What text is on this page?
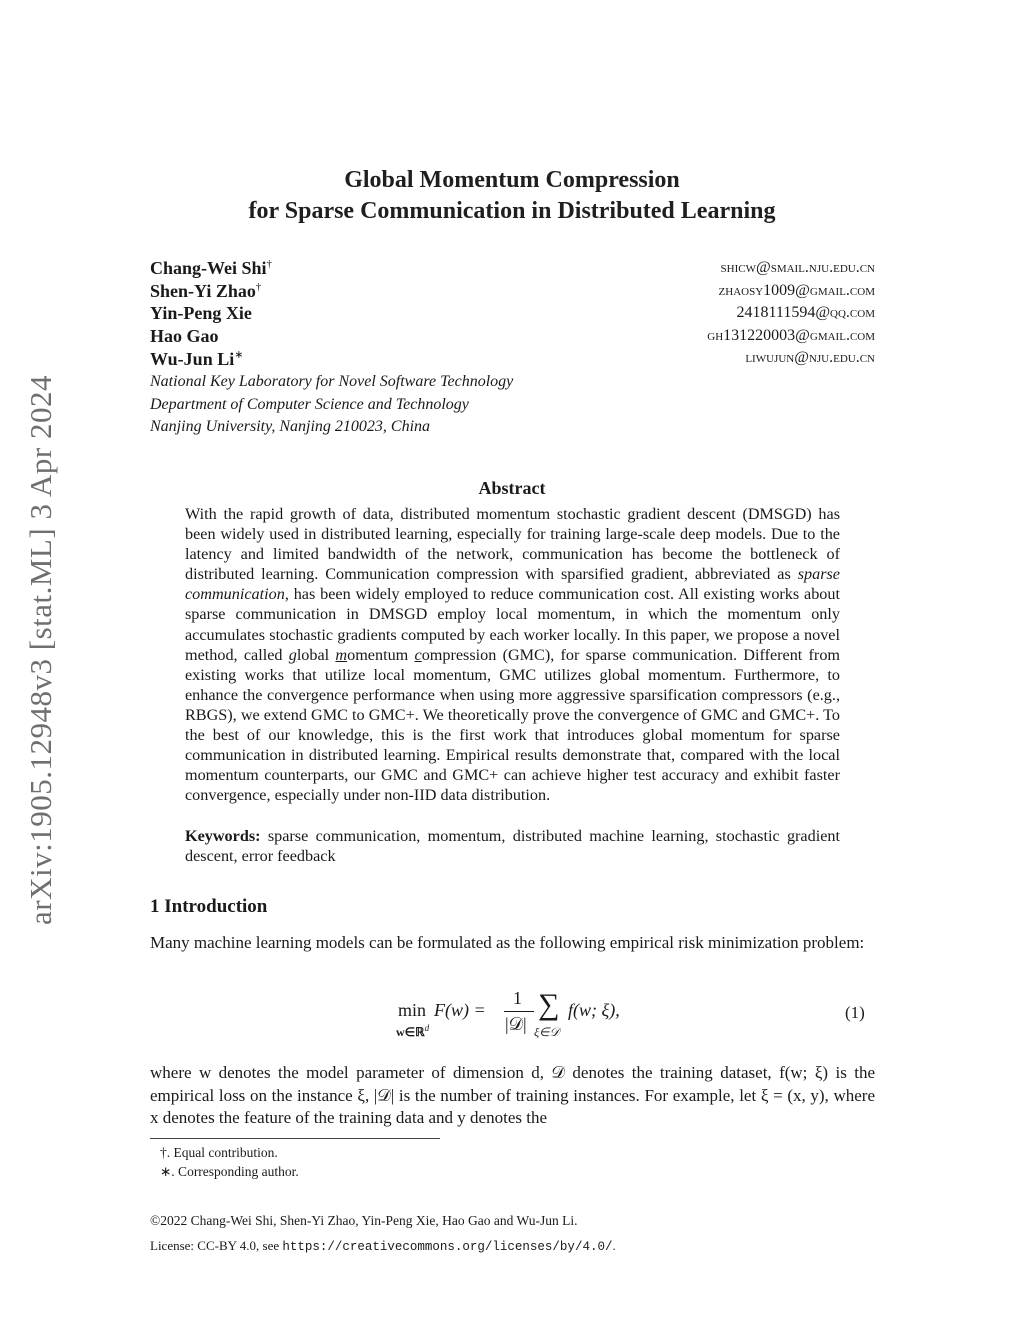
arXiv:1905.12948v3 [stat.ML] 3 Apr 2024
Global Momentum Compression
for Sparse Communication in Distributed Learning
Chang-Wei Shi†	shicw@smail.nju.edu.cn
Shen-Yi Zhao†	zhaosy1009@gmail.com
Yin-Peng Xie	2418111594@qq.com
Hao Gao	gh131220003@gmail.com
Wu-Jun Li∗	liwujun@nju.edu.cn
National Key Laboratory for Novel Software Technology
Department of Computer Science and Technology
Nanjing University, Nanjing 210023, China
Abstract
With the rapid growth of data, distributed momentum stochastic gradient descent (DMSGD) has been widely used in distributed learning, especially for training large-scale deep models. Due to the latency and limited bandwidth of the network, communication has become the bottleneck of distributed learning. Communication compression with sparsified gradient, abbreviated as sparse communication, has been widely employed to reduce communication cost. All existing works about sparse communication in DMSGD employ local momentum, in which the momentum only accumulates stochastic gradients computed by each worker locally. In this paper, we propose a novel method, called global momentum compression (GMC), for sparse communication. Different from existing works that utilize local momentum, GMC utilizes global momentum. Furthermore, to enhance the convergence performance when using more aggressive sparsification compressors (e.g., RBGS), we extend GMC to GMC+. We theoretically prove the convergence of GMC and GMC+. To the best of our knowledge, this is the first work that introduces global momentum for sparse communication in distributed learning. Empirical results demonstrate that, compared with the local momentum counterparts, our GMC and GMC+ can achieve higher test accuracy and exhibit faster convergence, especially under non-IID data distribution.
Keywords: sparse communication, momentum, distributed machine learning, stochastic gradient descent, error feedback
1 Introduction
Many machine learning models can be formulated as the following empirical risk minimization problem:
min
w∈ℝ$^d$
F(w) =
1
|𝒟|
∑
ξ∈𝒟
f(w; ξ),	(1)
where w denotes the model parameter of dimension d, 𝒟 denotes the training dataset, f(w; ξ) is the empirical loss on the instance ξ, |𝒟| is the number of training instances. For example, let ξ = (x, y), where x denotes the feature of the training data and y denotes the
†. Equal contribution.
∗. Corresponding author.
©2022 Chang-Wei Shi, Shen-Yi Zhao, Yin-Peng Xie, Hao Gao and Wu-Jun Li.
License: CC-BY 4.0, see https://creativecommons.org/licenses/by/4.0/.
